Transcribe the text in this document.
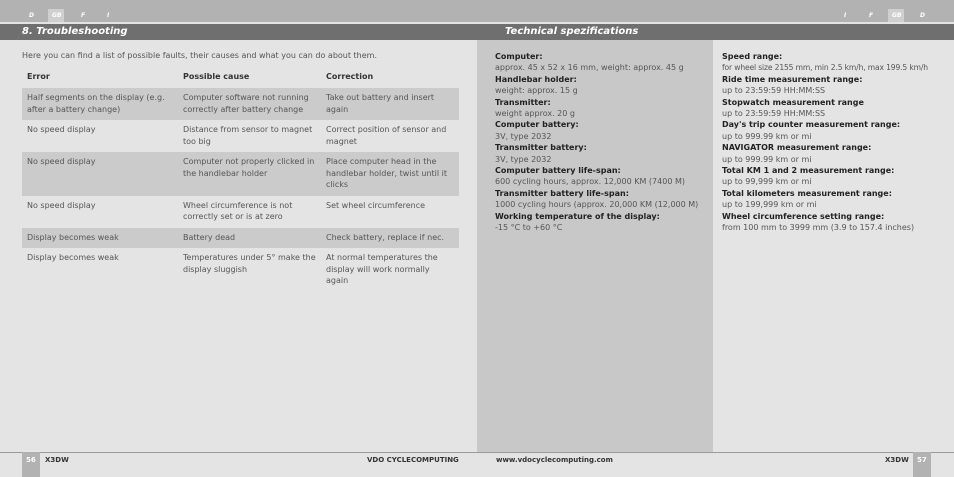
D	GB	F	I	I	F	GB	D
8. Troubleshooting	Technical spezifications
Here you can find a list of possible faults, their causes and what you can do about them.
Error	Possible cause	Correction
Half segments on the display (e.g. after a battery change)	Computer software not running correctly after battery change	Take out battery and insert again
No speed display	Distance from sensor to magnet too big	Correct position of sensor and magnet
No speed display	Computer not properly clicked in the handlebar holder	Place computer head in the handlebar holder, twist until it clicks
No speed display	Wheel circumference is not correctly set or is at zero	Set wheel circumference
Display becomes weak	Battery dead	Check battery, replace if nec.
Display becomes weak	Temperatures under 5° make the display sluggish	At normal temperatures the display will work normally again
Computer:
approx. 45 x 52 x 16 mm, weight: approx. 45 g
Handlebar holder:
weight: approx. 15 g
Transmitter:
weight approx. 20 g
Computer battery:
3V, type 2032
Transmitter battery:
3V, type 2032
Computer battery life-span:
600 cycling hours, approx. 12,000 KM (7400 M)
Transmitter battery life-span:
1000 cycling hours (approx. 20,000 KM (12,000 M)
Working temperature of the display:
-15 °C to +60 °C
Speed range:
for wheel size 2155 mm, min 2.5 km/h, max 199.5 km/h
Ride time measurement range:
up to 23:59:59 HH:MM:SS
Stopwatch measurement range
up to 23:59:59 HH:MM:SS
Day's trip counter measurement range:
up to 999.99 km or mi
NAVIGATOR measurement range:
up to 999.99 km or mi
Total KM 1 and 2 measurement range:
up to 99,999 km or mi
Total kilometers measurement range:
up to 199,999 km or mi
Wheel circumference setting range:
from 100 mm to 3999 mm (3.9 to 157.4 inches)
56 X3DW	VDO CYCLECOMPUTING	www.vdocyclecomputing.com	X3DW 57
